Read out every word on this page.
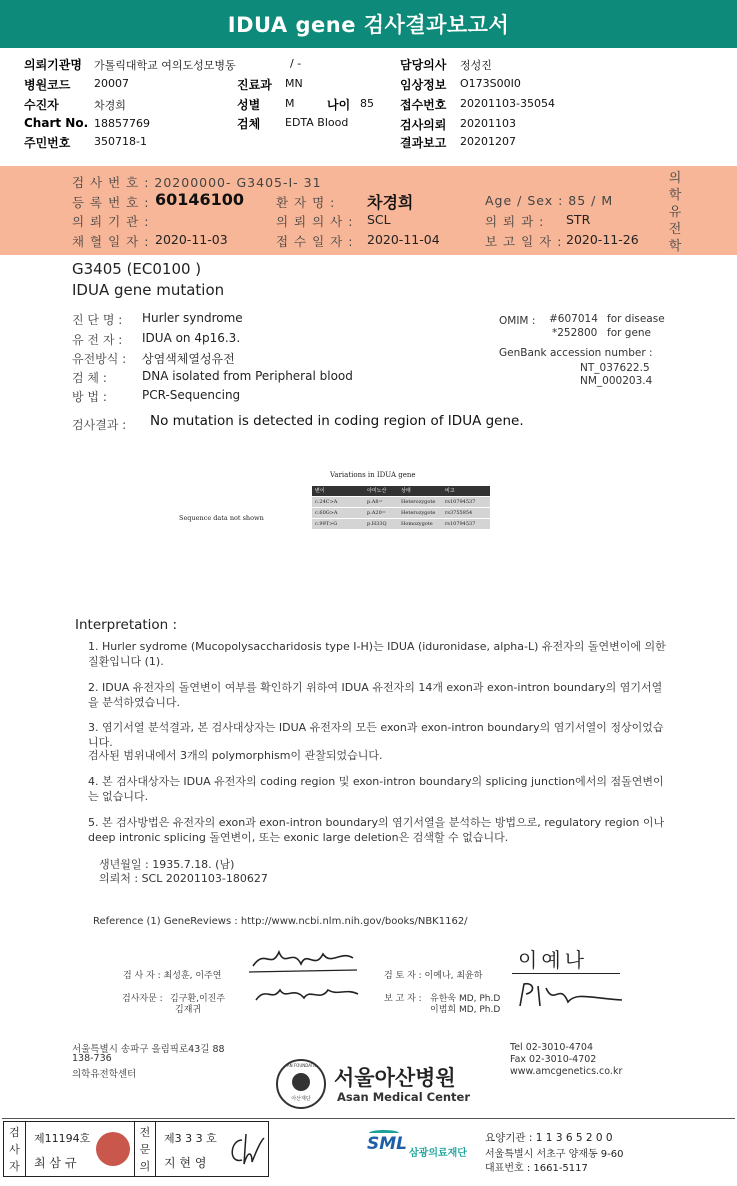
IDUA gene 검사결과보고서
의뢰기관명 가톨릭대학교 여의도성모병동	/ -	담당의사 정성진
병원코드 20007	진료과 MN	임상정보 O173S00I0
수진자	차경희	성별 M	나이 85 접수번호 20201103-35054
Chart No. 18857769	검체 EDTA Blood	검사의뢰 20201103
주민번호 350718-1	결과보고 20201207
검 사 번 호 : 20200000- G3405-I- 31
등 록 번 호 : 60146100	환 자 명 : 차경희	Age / Sex : 85 / M
의 뢰 기 관 :	의 뢰 의 사 : SCL	의 뢰 과 : STR
채 혈 일 자 : 2020-11-03	접 수 일 자 : 2020-11-04	보 고 일 자 : 2020-11-26
의
학
유
전
학
G3405 (EC0100 )
IDUA gene mutation
진 단 명 : Hurler syndrome
유 전 자 : IDUA on 4p16.3.
유전방식 : 상염색체열성유전
검 체 :	DNA isolated from Peripheral blood
방 법 :	PCR-Sequencing
OMIM : #607014 for disease
*252800 for gene
GenBank accession number :
NT_037622.5
NM_000203.4
검사결과 : No mutation is detected in coding region of IDUA gene.
Variations in IDUA gene
Sequence data not shown
변이	아미노산	상태	비고
c.24C>A	p.A8=	Heterozygote	rs10794537
c.60G>A	p.A20=	Heterozygote	rs3755954
c.99T>G	p.H33Q	Homozygote	rs10794537
Interpretation :
1. Hurler sydrome (Mucopolysaccharidosis type I-H)는 IDUA (iduronidase, alpha-L) 유전자의 돌연변이에 의한 질환입니다 (1).
2. IDUA 유전자의 돌연변이 여부를 확인하기 위하여 IDUA 유전자의 14개 exon과 exon-intron boundary의 염기서열을 분석하였습니다.
3. 염기서열 분석결과, 본 검사대상자는 IDUA 유전자의 모든 exon과 exon-intron boundary의 염기서열이 정상이었습니다.
검사된 범위내에서 3개의 polymorphism이 관찰되었습니다.
4. 본 검사대상자는 IDUA 유전자의 coding region 및 exon-intron boundary의 splicing junction에서의 점돌연변이는 없습니다.
5. 본 검사방법은 유전자의 exon과 exon-intron boundary의 염기서열을 분석하는 방법으로, regulatory region 이나 deep intronic splicing 돌연변이, 또는 exonic large deletion은 검색할 수 없습니다.
생년월일 : 1935.7.18. (남)
의뢰처 : SCL 20201103-180627
Reference (1) GeneReviews : http://www.ncbi.nlm.nih.gov/books/NBK1162/
검 사 자 : 최성훈, 이주연	검 토 자 : 이예나, 최윤하
이예나
검사자문 : 김구환,이진주
김재귀
보 고 자 : 유한욱 MD, Ph.D
이범희 MD, Ph.D
서울특별시 송파구 올림픽로43길 88
138-736
의학유전학센터
Tel 02-3010-4704
Fax 02-3010-4702
www.amcgenetics.co.kr
ASAN FOUNDATION
아산재단
서울아산병원
Asan Medical Center
검사자
제11194호
최 삼 규
전문의
제3 3 3 호
지 현 영
SML 삼광의료재단
요양기관 : 1 1 3 6 5 2 0 0
서울특별시 서초구 양재동 9-60
대표번호 : 1661-5117
